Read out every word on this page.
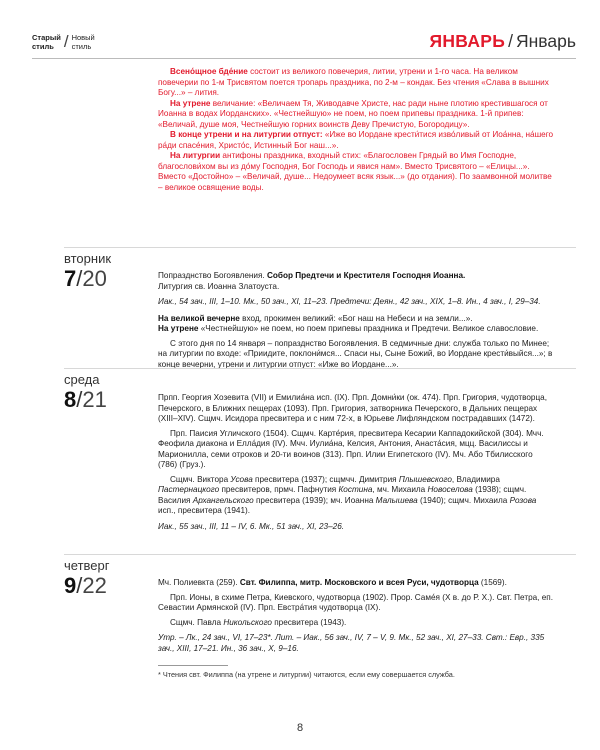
Старый
стиль / Новый
стиль	ЯНВАРЬ / Январь
Всено́щное бде́ние состоит из великого повечерия, литии, утрени и 1-го часа. На великом повечерии по 1-м Трисвятом поется тропарь праздника, по 2-м – кондак. Без чтения «Слава в вышних Богу...» – лития.
На утрене величание: «Величаем Тя, Живодавче Христе, нас ради ныне плотию крестившагося от Иоанна в водах Иорданских». «Честнейшую» не поем, но поем припевы праздника. 1-й припев: «Величай, душе моя, Честнейшую горних воинств Деву Пречистую, Богородицу».
В конце утрени и на литургии отпуст: «Иже во Иордане крести́тися изво́ливый от Иоа́нна, на́шего ра́ди спасе́ния, Христо́с, Истинный Бог наш...».
На литургии антифоны праздника, входный стих: «Благословен Грядый во Имя Господне, благослови́хом вы из до́му Господня, Бог Господь и явися нам». Вместо Трисвятого – «Елицы...». Вместо «Достойно» – «Величай, душе... Недоумеет всяк язык...» (до отдания). По заамвонной молитве – великое освящение воды.
вторник
7/20	Попразднство Богоявления. Собор Предтечи и Крестителя Господня Иоанна.
Литургия св. Иоанна Златоуста.
Иак., 54 зач., III, 1–10. Мк., 50 зач., XI, 11–23. Предтечи: Деян., 42 зач., XIX, 1–8. Ин., 4 зач., I, 29–34.
На великой вечерне вход, прокимен великий: «Бог наш на Небеси и на земли...».
На утрене «Честнейшую» не поем, но поем припевы праздника и Предтечи. Великое славословие.
С этого дня по 14 января – попразднство Богоявления. В седмичные дни: служба только по Минее; на литургии по входе: «Приидите, поклони́мся... Спаси ны, Сыне Божий, во Иордане крести́выйся...»; в конце вечерни, утрени и литургии отпуст: «Иже во Иордане...».
среда
8/21	Прпп. Георгия Хозевита (VII) и Емилиа́на исп. (IX). Прп. Домни́ки (ок. 474). Прп. Григория, чудотворца, Печерского, в Ближних пещерах (1093). Прп. Григория, затворника Печерского, в Дальних пещерах (XIII–XIV). Сщмч. Исидора пресвитера и с ним 72-х, в Юрьеве Лифляндском пострадавших (1472).
Прп. Паисия Угличского (1504). Сщмч. Карте́рия, пресвитера Кесарии Каппадокийской (304). Мчч. Феофила диакона и Елла́дия (IV). Мчч. Иулиа́на, Келсия, Антония, Анаста́сия, мцц. Василиссы и Марионилла, семи отроков и 20-ти воинов (313). Прп. Илии Египетского (IV). Мч. Або Тбилисского (786) (Груз.).
Сщмч. Виктора Усова пресвитера (1937); сщмчч. Димитрия Плышевского, Владимира Пастернацкого пресвитеров, прмч. Пафнутия Костина, мч. Михаила Новоселова (1938); сщмч. Василия Архангельского пресвитера (1939); мч. Иоанна Малышева (1940); сщмч. Михаила Розова исп., пресвитера (1941).
Иак., 55 зач., III, 11 – IV, 6. Мк., 51 зач., XI, 23–26.
четверг
9/22	Мч. Полиевкта (259). Свт. Филиппа, митр. Московского и всея Руси, чудотворца (1569).
Прп. Ионы, в схиме Петра, Киевского, чудотворца (1902). Прор. Саме́я (X в. до Р. Х.). Свт. Петра, еп. Севастии Армянской (IV). Прп. Евстра́тия чудотворца (IX).
Сщмч. Павла Никольского пресвитера (1943).
Утр. – Лк., 24 зач., VI, 17–23*. Лит. – Иак., 56 зач., IV, 7 – V, 9. Мк., 52 зач., XI, 27–33. Свт.: Евр., 335 зач., XIII, 17–21. Ин., 36 зач., X, 9–16.
* Чтения свт. Филиппа (на утрене и литургии) читаются, если ему совершается служба.
8
